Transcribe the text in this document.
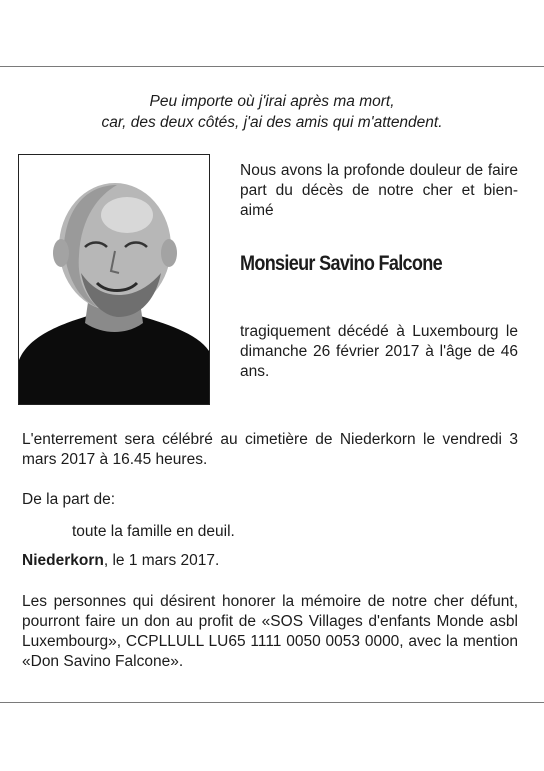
Peu importe où j'irai après ma mort,
car, des deux côtés, j'ai des amis qui m'attendent.
Nous avons la profonde douleur de faire part du décès de notre cher et bien-aimé
Monsieur Savino Falcone
tragiquement décédé à Luxembourg le dimanche 26 février 2017 à l'âge de 46 ans.
L'enterrement sera célébré au cimetière de Niederkorn le vendredi 3 mars 2017 à 16.45 heures.
De la part de:
toute la famille en deuil.
Niederkorn, le 1 mars 2017.
Les personnes qui désirent honorer la mémoire de notre cher défunt, pourront faire un don au profit de «SOS Villages d'enfants Monde asbl Luxembourg», CCPLLULL LU65 1111 0050 0053 0000, avec la mention «Don Savino Falcone».
